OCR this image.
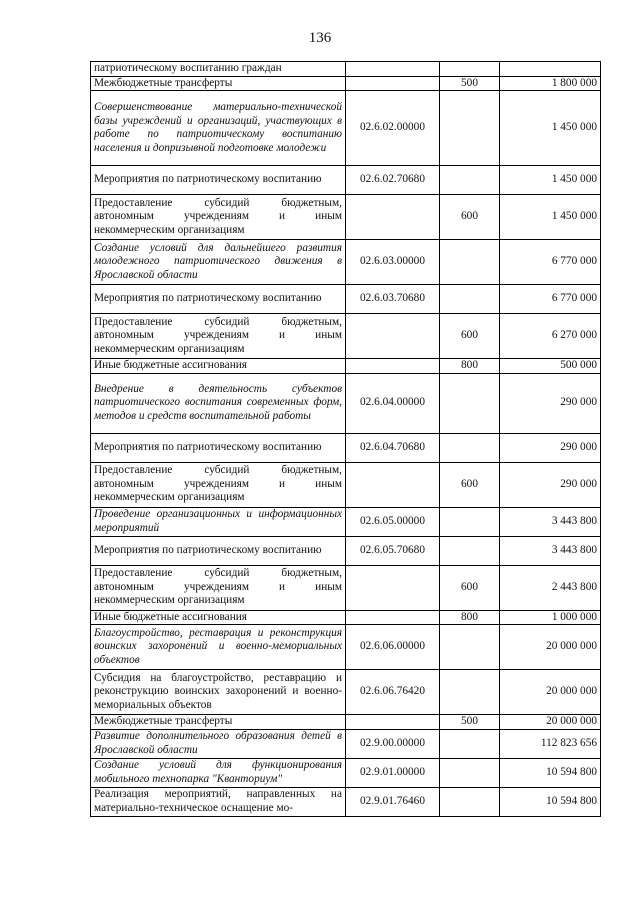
136
патриотическому воспитанию граждан			
Межбюджетные трансферты		500	1 800 000
Совершенствование материально-технической базы учреждений и организаций, участвующих в работе по патриотическому воспитанию населения и допризывной подготовке молодежи	02.6.02.00000		1 450 000
Мероприятия по патриотическому воспитанию	02.6.02.70680		1 450 000
Предоставление субсидий бюджетным, автономным учреждениям и иным некоммерческим организациям		600	1 450 000
Создание условий для дальнейшего развития молодежного патриотического движения в Ярославской области	02.6.03.00000		6 770 000
Мероприятия по патриотическому воспитанию	02.6.03.70680		6 770 000
Предоставление субсидий бюджетным, автономным учреждениям и иным некоммерческим организациям		600	6 270 000
Иные бюджетные ассигнования		800	500 000
Внедрение в деятельность субъектов патриотического воспитания современных форм, методов и средств воспитательной работы	02.6.04.00000		290 000
Мероприятия по патриотическому воспитанию	02.6.04.70680		290 000
Предоставление субсидий бюджетным, автономным учреждениям и иным некоммерческим организациям		600	290 000
Проведение организационных и информационных мероприятий	02.6.05.00000		3 443 800
Мероприятия по патриотическому воспитанию	02.6.05.70680		3 443 800
Предоставление субсидий бюджетным, автономным учреждениям и иным некоммерческим организациям		600	2 443 800
Иные бюджетные ассигнования		800	1 000 000
Благоустройство, реставрация и реконструкция воинских захоронений и военно-мемориальных объектов	02.6.06.00000		20 000 000
Субсидия на благоустройство, реставрацию и реконструкцию воинских захоронений и военно-мемориальных объектов	02.6.06.76420		20 000 000
Межбюджетные трансферты		500	20 000 000
Развитие дополнительного образования детей в Ярославской области	02.9.00.00000		112 823 656
Создание условий для функционирования мобильного технопарка "Кванториум"	02.9.01.00000		10 594 800
Реализация мероприятий, направленных на материально-техническое оснащение мо-	02.9.01.76460		10 594 800
